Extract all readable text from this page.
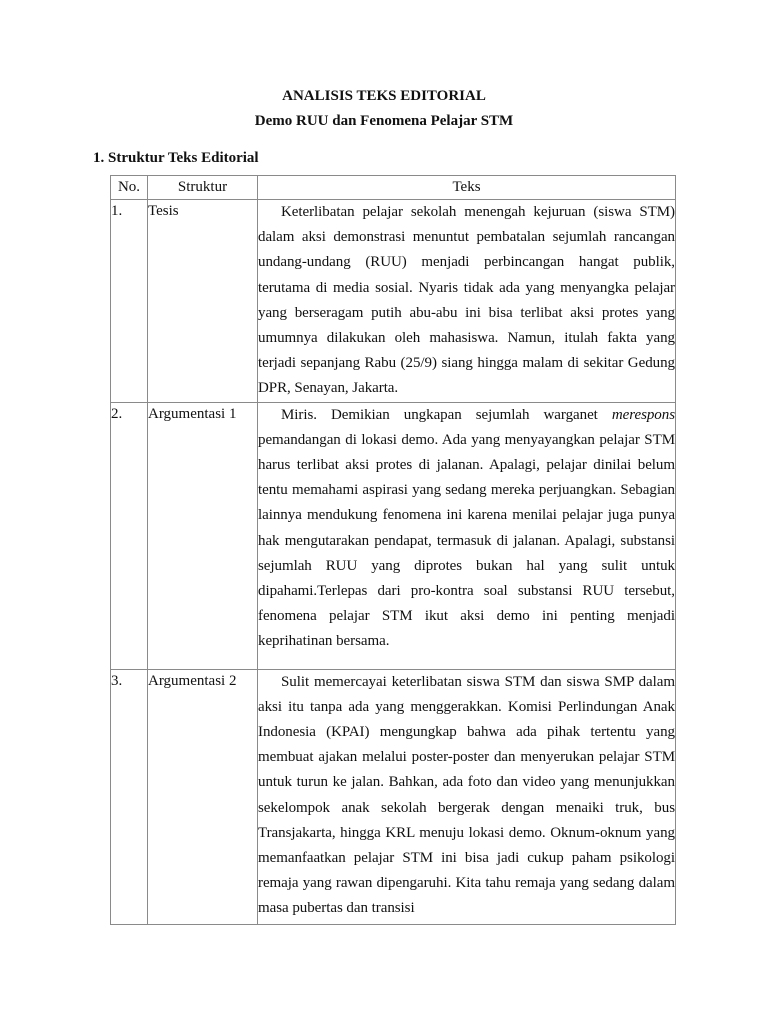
ANALISIS TEKS EDITORIAL
Demo RUU dan Fenomena Pelajar STM
1. Struktur Teks Editorial
No.	Struktur	Teks

1.	Tesis	Keterlibatan pelajar sekolah menengah kejuruan (siswa STM) dalam aksi demonstrasi menuntut pembatalan sejumlah rancangan undang-undang (RUU) menjadi perbincangan hangat publik, terutama di media sosial. Nyaris tidak ada yang menyangka pelajar yang berseragam putih abu-abu ini bisa terlibat aksi protes yang umumnya dilakukan oleh mahasiswa. Namun, itulah fakta yang terjadi sepanjang Rabu (25/9) siang hingga malam di sekitar Gedung DPR, Senayan, Jakarta.

2.	Argumentasi 1	Miris. Demikian ungkapan sejumlah warganet merespons pemandangan di lokasi demo. Ada yang menyayangkan pelajar STM harus terlibat aksi protes di jalanan. Apalagi, pelajar dinilai belum tentu memahami aspirasi yang sedang mereka perjuangkan. Sebagian lainnya mendukung fenomena ini karena menilai pelajar juga punya hak mengutarakan pendapat, termasuk di jalanan. Apalagi, substansi sejumlah RUU yang diprotes bukan hal yang sulit untuk dipahami.Terlepas dari pro-kontra soal substansi RUU tersebut, fenomena pelajar STM ikut aksi demo ini penting menjadi keprihatinan bersama.

3.	Argumentasi 2	Sulit memercayai keterlibatan siswa STM dan siswa SMP dalam aksi itu tanpa ada yang menggerakkan. Komisi Perlindungan Anak Indonesia (KPAI) mengungkap bahwa ada pihak tertentu yang membuat ajakan melalui poster-poster dan menyerukan pelajar STM untuk turun ke jalan. Bahkan, ada foto dan video yang menunjukkan sekelompok anak sekolah bergerak dengan menaiki truk, bus Transjakarta, hingga KRL menuju lokasi demo. Oknum-oknum yang memanfaatkan pelajar STM ini bisa jadi cukup paham psikologi remaja yang rawan dipengaruhi. Kita tahu remaja yang sedang dalam masa pubertas dan transisi
